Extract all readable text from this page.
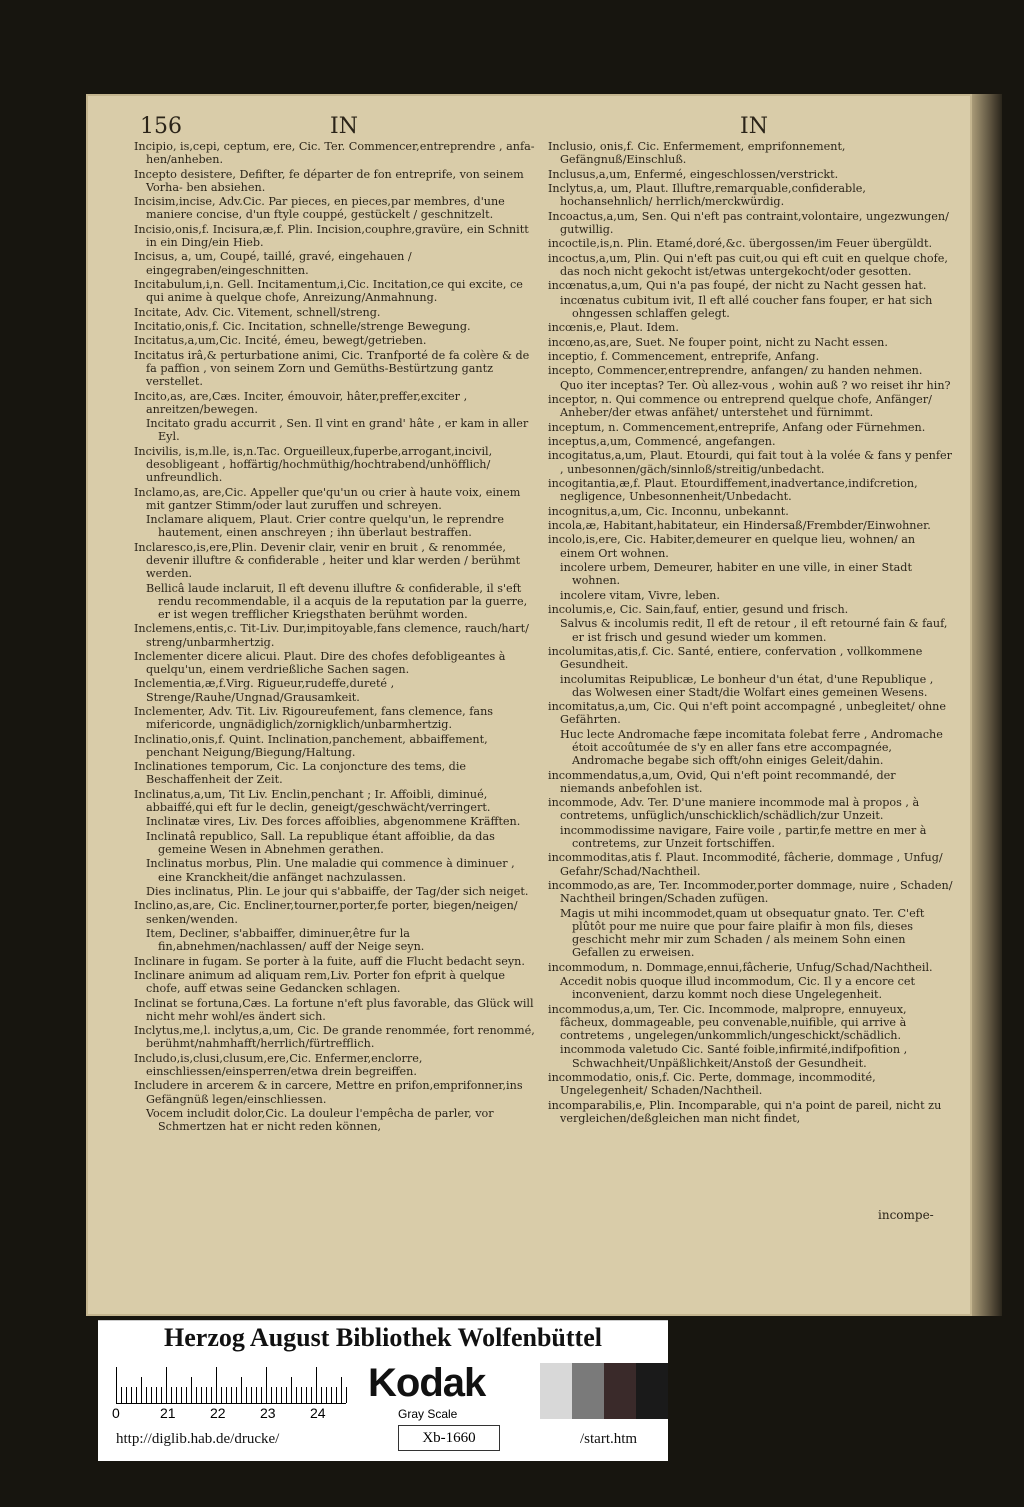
156	IN	IN

Incipio, is,cepi, ceptum, ere, Cic. Ter. Commencer,entreprendre , anfa- hen/anheben.

Incepto desistere, Defifter, fe départer de fon entreprife, von seinem Vorha- ben absiehen.

Incisim,incise, Adv.Cic. Par pieces, en pieces,par membres, d'une maniere concise, d'un ftyle couppé, gestückelt / geschnitzelt.

Incisio,onis,f. Incisura,æ,f. Plin. Incision,couphre,gravüre, ein Schnitt in ein Ding/ein Hieb.

Incisus, a, um, Coupé, taillé, gravé, eingehauen / eingegraben/eingeschnitten.

Incitabulum,i,n. Gell. Incitamentum,i,Cic. Incitation,ce qui excite, ce qui anime à quelque chofe, Anreizung/Anmahnung.

Incitate, Adv. Cic. Vitement, schnell/streng.

Incitatio,onis,f. Cic. Incitation, schnelle/strenge Bewegung.

Incitatus,a,um,Cic. Incité, émeu, bewegt/getrieben.

Incitatus irâ,& perturbatione animi, Cic. Tranfporté de fa colère & de fa paffion , von seinem Zorn und Gemüths-Bestürtzung gantz verstellet.

Incito,as, are,Cæs. Inciter, émouvoir, hâter,preffer,exciter , anreitzen/bewegen.

Incitato gradu accurrit , Sen. Il vint en grand' hâte , er kam in aller Eyl.

Incivilis, is,m.lle, is,n.Tac. Orgueilleux,fuperbe,arrogant,incivil, desobligeant , hoffärtig/hochmüthig/hochtrabend/unhöfflich/ unfreundlich.

Inclamo,as, are,Cic. Appeller que'qu'un ou crier à haute voix, einem mit gantzer Stimm/oder laut zuruffen und schreyen.

Inclamare aliquem, Plaut. Crier contre quelqu'un, le reprendre hautement, einen anschreyen ; ihn überlaut bestraffen.

Inclaresco,is,ere,Plin. Devenir clair, venir en bruit , & renommée, devenir illuftre & confiderable , heiter und klar werden / berühmt werden.

Bellicâ laude inclaruit, Il eft devenu illuftre & confiderable, il s'eft rendu recommendable, il a acquis de la reputation par la guerre, er ist wegen trefflicher Kriegsthaten berühmt worden.

Inclemens,entis,c. Tit-Liv. Dur,impitoyable,fans clemence, rauch/hart/ streng/unbarmhertzig.

Inclementer dicere alicui. Plaut. Dire des chofes defobligeantes à quelqu'un, einem verdrießliche Sachen sagen.

Inclementia,æ,f.Virg. Rigueur,rudeffe,dureté , Strenge/Rauhe/Ungnad/Grausamkeit.

Inclementer, Adv. Tit. Liv. Rigoureufement, fans clemence, fans mifericorde, ungnädiglich/zornigklich/unbarmhertzig.

Inclinatio,onis,f. Quint. Inclination,panchement, abbaiffement, penchant Neigung/Biegung/Haltung.

Inclinationes temporum, Cic. La conjoncture des tems, die Beschaffenheit der Zeit.

Inclinatus,a,um, Tit Liv. Enclin,penchant ; Ir. Affoibli, diminué, abbaiffé,qui eft fur le declin, geneigt/geschwächt/verringert.

Inclinatæ vires, Liv. Des forces affoiblies, abgenommene Kräfften.

Inclinatâ republico, Sall. La republique étant affoiblie, da das gemeine Wesen in Abnehmen gerathen.

Inclinatus morbus, Plin. Une maladie qui commence à diminuer , eine Kranckheit/die anfänget nachzulassen.

Dies inclinatus, Plin. Le jour qui s'abbaiffe, der Tag/der sich neiget.

Inclino,as,are, Cic. Encliner,tourner,porter,fe porter, biegen/neigen/ senken/wenden.

Item, Decliner, s'abbaiffer, diminuer,être fur la fin,abnehmen/nachlassen/ auff der Neige seyn.

Inclinare in fugam. Se porter à la fuite, auff die Flucht bedacht seyn.

Inclinare animum ad aliquam rem,Liv. Porter fon efprit à quelque chofe, auff etwas seine Gedancken schlagen.

Inclinat se fortuna,Cæs. La fortune n'eft plus favorable, das Glück will nicht mehr wohl/es ändert sich.

Inclytus,me,l. inclytus,a,um, Cic. De grande renommée, fort renommé, berühmt/nahmhafft/herrlich/fürtrefflich.

Includo,is,clusi,clusum,ere,Cic. Enfermer,enclorre, einschliessen/einsperren/etwa drein begreiffen.

Includere in arcerem & in carcere, Mettre en prifon,emprifonner,ins Gefängnüß legen/einschliessen.

Vocem includit dolor,Cic. La douleur l'empêcha de parler, vor Schmertzen hat er nicht reden können,

Inclusio, onis,f. Cic. Enfermement, emprifonnement, Gefängnuß/Einschluß.

Inclusus,a,um, Enfermé, eingeschlossen/verstrickt.

Inclytus,a, um, Plaut. Illuftre,remarquable,confiderable, hochansehnlich/ herrlich/merckwürdig.

Incoactus,a,um, Sen. Qui n'eft pas contraint,volontaire, ungezwungen/ gutwillig.

incoctile,is,n. Plin. Etamé,doré,&c. übergossen/im Feuer übergüldt.

incoctus,a,um, Plin. Qui n'eft pas cuit,ou qui eft cuit en quelque chofe, das noch nicht gekocht ist/etwas untergekocht/oder gesotten.

incœnatus,a,um, Qui n'a pas foupé, der nicht zu Nacht gessen hat.

incœnatus cubitum ivit, Il eft allé coucher fans fouper, er hat sich ohngessen schlaffen gelegt.

incœnis,e, Plaut. Idem.

incœno,as,are, Suet. Ne fouper point, nicht zu Nacht essen.

inceptio, f. Commencement, entreprife, Anfang.

incepto, Commencer,entreprendre, anfangen/ zu handen nehmen.

Quo iter inceptas? Ter. Où allez-vous , wohin auß ? wo reiset ihr hin?

inceptor, n. Qui commence ou entreprend quelque chofe, Anfänger/ Anheber/der etwas anfähet/ unterstehet und fürnimmt.

inceptum, n. Commencement,entreprife, Anfang oder Fürnehmen.

inceptus,a,um, Commencé, angefangen.

incogitatus,a,um, Plaut. Etourdi, qui fait tout à la volée & fans y penfer , unbesonnen/gäch/sinnloß/streitig/unbedacht.

incogitantia,æ,f. Plaut. Etourdiffement,inadvertance,indifcretion, negligence, Unbesonnenheit/Unbedacht.

incognitus,a,um, Cic. Inconnu, unbekannt.

incola,æ, Habitant,habitateur, ein Hindersaß/Frembder/Einwohner.

incolo,is,ere, Cic. Habiter,demeurer en quelque lieu, wohnen/ an einem Ort wohnen.

incolere urbem, Demeurer, habiter en une ville, in einer Stadt wohnen.

incolere vitam, Vivre, leben.

incolumis,e, Cic. Sain,fauf, entier, gesund und frisch.

Salvus & incolumis redit, Il eft de retour , il eft retourné fain & fauf, er ist frisch und gesund wieder um kommen.

incolumitas,atis,f. Cic. Santé, entiere, confervation , vollkommene Gesundheit.

incolumitas Reipublicæ, Le bonheur d'un état, d'une Republique , das Wolwesen einer Stadt/die Wolfart eines gemeinen Wesens.

incomitatus,a,um, Cic. Qui n'eft point accompagné , unbegleitet/ ohne Gefährten.

Huc lecte Andromache fæpe incomitata folebat ferre , Andromache étoit accoûtumée de s'y en aller fans etre accompagnée, Andromache begabe sich offt/ohn einiges Geleit/dahin.

incommendatus,a,um, Ovid, Qui n'eft point recommandé, der niemands anbefohlen ist.

incommode, Adv. Ter. D'une maniere incommode mal à propos , à contretems, unfüglich/unschicklich/schädlich/zur Unzeit.

incommodissime navigare, Faire voile , partir,fe mettre en mer à contretems, zur Unzeit fortschiffen.

incommoditas,atis f. Plaut. Incommodité, fâcherie, dommage , Unfug/ Gefahr/Schad/Nachtheil.

incommodo,as are, Ter. Incommoder,porter dommage, nuire , Schaden/ Nachtheil bringen/Schaden zufügen.

Magis ut mihi incommodet,quam ut obsequatur gnato. Ter. C'eft plûtôt pour me nuire que pour faire plaifir à mon fils, dieses geschicht mehr mir zum Schaden / als meinem Sohn einen Gefallen zu erweisen.

incommodum, n. Dommage,ennui,fâcherie, Unfug/Schad/Nachtheil.

Accedit nobis quoque illud incommodum, Cic. Il y a encore cet inconvenient, darzu kommt noch diese Ungelegenheit.

incommodus,a,um, Ter. Cic. Incommode, malpropre, ennuyeux, fâcheux, dommageable, peu convenable,nuifible, qui arrive à contretems , ungelegen/unkommlich/ungeschickt/schädlich.

incommoda valetudo Cic. Santé foible,infirmité,indifpofition , Schwachheit/Unpäßlichkeit/Anstoß der Gesundheit.

incommodatio, onis,f. Cic. Perte, dommage, incommodité, Ungelegenheit/ Schaden/Nachtheil.

incomparabilis,e, Plin. Incomparable, qui n'a point de pareil, nicht zu vergleichen/deßgleichen man nicht findet,

incompe-
Herzog August Bibliothek Wolfenbüttel
0	21 22 23 24
Kodak
Gray Scale
http://diglib.hab.de/drucke/	Xb-1660	/start.htm
